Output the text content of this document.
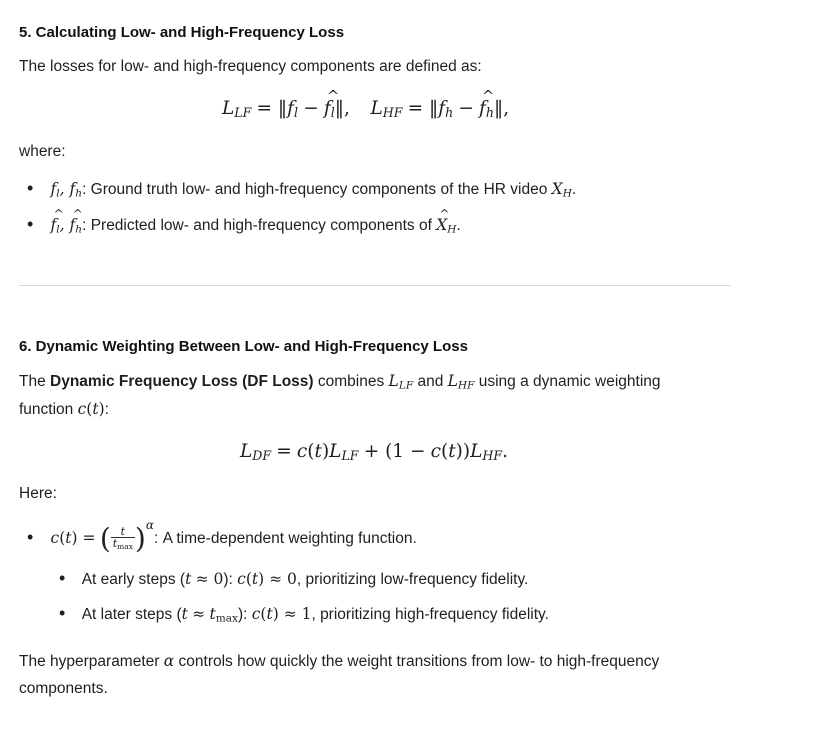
5. Calculating Low- and High-Frequency Loss
The losses for low- and high-frequency components are defined as:
$L_{LF}$ = $‖f_l$ − ^ $f_l‖$, $L_{HF}$ = $‖f_h$ − ^ $f_h‖$,
where:
• $f_l$, $f_h$: Ground truth low- and high-frequency components of the HR video $X_H$.
• ^ $f_l$, ^ $f_h$: Predicted low- and high-frequency components of ^ $X_H$.
6. Dynamic Weighting Between Low- and High-Frequency Loss
The Dynamic Frequency Loss (DF Loss) combines $L_{LF}$ and $L_{HF}$ using a dynamic weighting
function c(t):
$L_{DF} = c(t)L_{LF} + (1 - c(t))L_{HF}$.
Here:
• c(t) = ( $\frac{t}{t_{max}} )^\alpha$: A time-dependent weighting function.
• At early steps (t ≈ 0): c(t) ≈ 0, prioritizing low-frequency fidelity.
• At later steps $(t \approx t_{max})$: c(t) ≈ 1, prioritizing high-frequency fidelity.
The hyperparameter α controls how quickly the weight transitions from low- to high-frequency
components.
